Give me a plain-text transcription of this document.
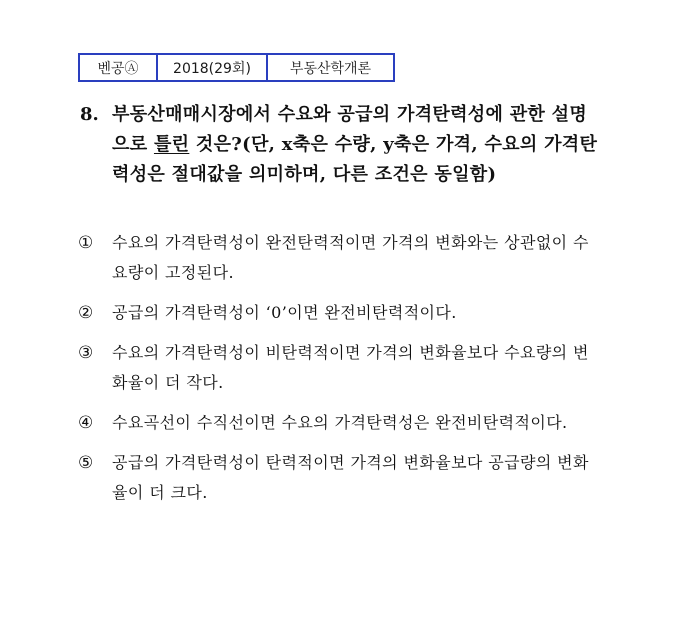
벤공Ⓐ	2018(29회)	부동산학개론
8. 부동산매매시장에서 수요와 공급의 가격탄력성에 관한 설명으로 틀린 것은?(단, x축은 수량, y축은 가격, 수요의 가격탄력성은 절대값을 의미하며, 다른 조건은 동일함)
①	수요의 가격탄력성이 완전탄력적이면 가격의 변화와는 상관없이 수요량이 고정된다.
②	공급의 가격탄력성이 ‘0’이면 완전비탄력적이다.
③	수요의 가격탄력성이 비탄력적이면 가격의 변화율보다 수요량의 변화율이 더 작다.
④	수요곡선이 수직선이면 수요의 가격탄력성은 완전비탄력적이다.
⑤	공급의 가격탄력성이 탄력적이면 가격의 변화율보다 공급량의 변화율이 더 크다.
